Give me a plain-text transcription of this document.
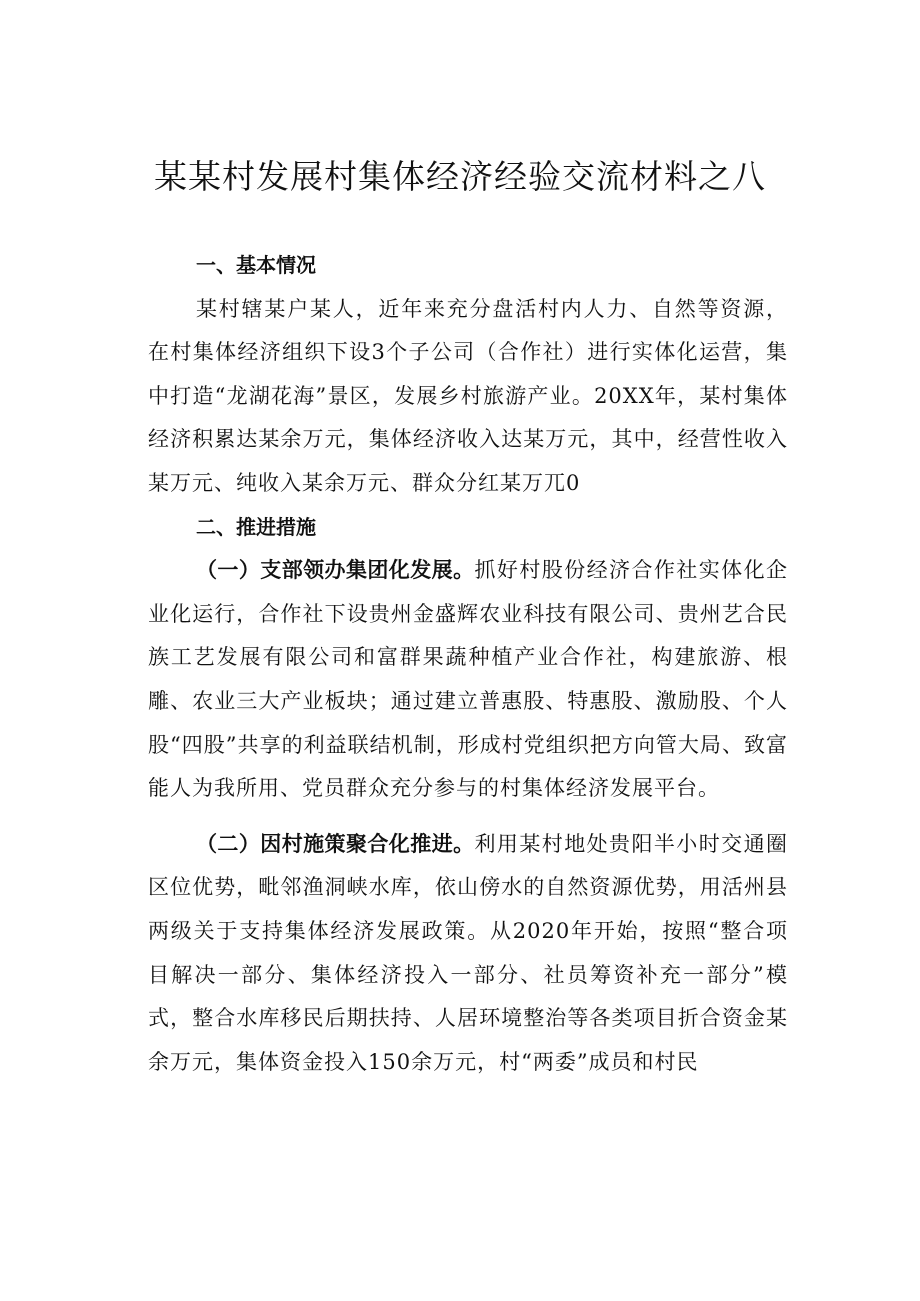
某某村发展村集体经济经验交流材料之八
一、基本情况

某村辖某户某人，近年来充分盘活村内人力、自然等资源，在村集体经济组织下设3个子公司（合作社）进行实体化运营，集中打造“龙湖花海”景区，发展乡村旅游产业。20XX年，某村集体经济积累达某余万元，集体经济收入达某万元，其中，经营性收入某万元、纯收入某余万元、群众分红某万兀0

二、推进措施

（一）支部领办集团化发展。抓好村股份经济合作社实体化企业化运行，合作社下设贵州金盛辉农业科技有限公司、贵州艺合民族工艺发展有限公司和富群果蔬种植产业合作社，构建旅游、根雕、农业三大产业板块；通过建立普惠股、特惠股、激励股、个人股“四股”共享的利益联结机制，形成村党组织把方向管大局、致富能人为我所用、党员群众充分参与的村集体经济发展平台。

（二）因村施策聚合化推进。利用某村地处贵阳半小时交通圈区位优势，毗邻渔洞峡水库，依山傍水的自然资源优势，用活州县两级关于支持集体经济发展政策。从2020年开始，按照“整合项目解决一部分、集体经济投入一部分、社员筹资补充一部分”模式，整合水库移民后期扶持、人居环境整治等各类项目折合资金某余万元，集体资金投入150余万元，村“两委”成员和村民
